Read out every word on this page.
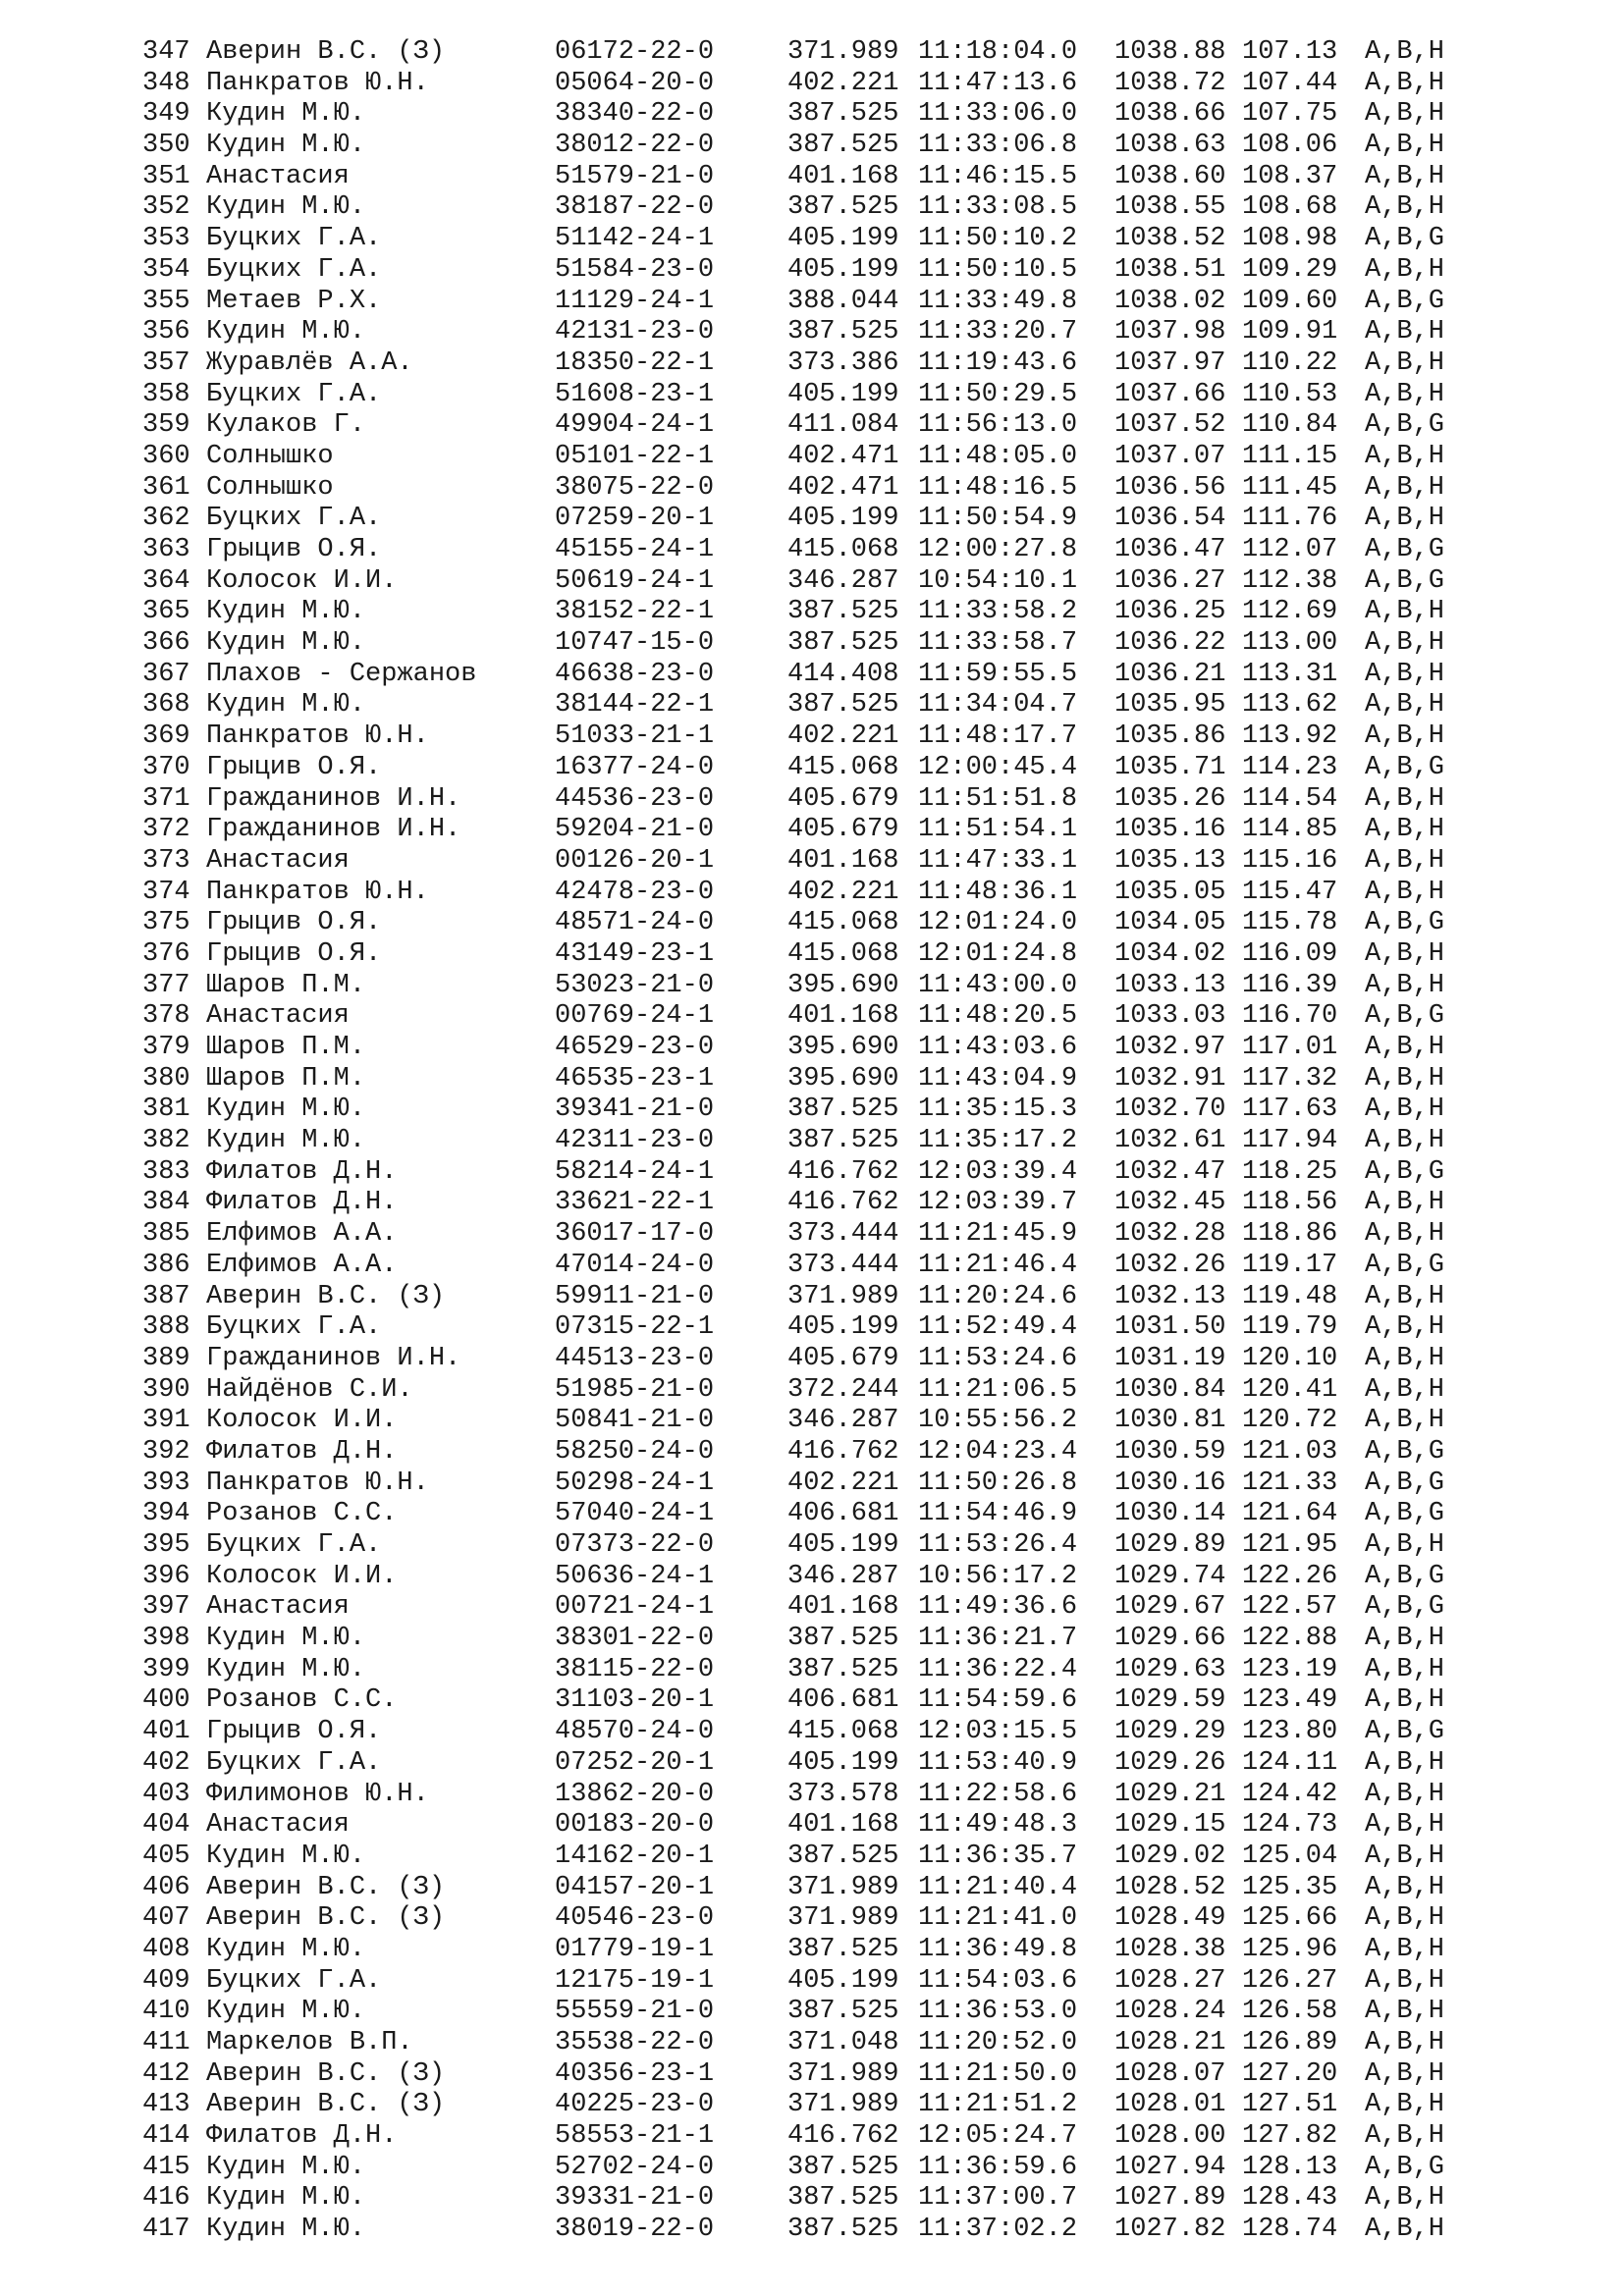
347 Аверин В.С. (З)	06172-22-0	371.989 11:18:04.0 1038.88 107.13 A,B,H
348 Панкратов Ю.Н.	05064-20-0	402.221 11:47:13.6 1038.72 107.44 A,B,H
349 Кудин М.Ю.	38340-22-0	387.525 11:33:06.0 1038.66 107.75 A,B,H
350 Кудин М.Ю.	38012-22-0	387.525 11:33:06.8 1038.63 108.06 A,B,H
351 Анастасия	51579-21-0	401.168 11:46:15.5 1038.60 108.37 A,B,H
352 Кудин М.Ю.	38187-22-0	387.525 11:33:08.5 1038.55 108.68 A,B,H
353 Буцких Г.А.	51142-24-1	405.199 11:50:10.2 1038.52 108.98 A,B,G
354 Буцких Г.А.	51584-23-0	405.199 11:50:10.5 1038.51 109.29 A,B,H
355 Метаев Р.Х.	11129-24-1	388.044 11:33:49.8 1038.02 109.60 A,B,G
356 Кудин М.Ю.	42131-23-0	387.525 11:33:20.7 1037.98 109.91 A,B,H
357 Журавлёв А.А.	18350-22-1	373.386 11:19:43.6 1037.97 110.22 A,B,H
358 Буцких Г.А.	51608-23-1	405.199 11:50:29.5 1037.66 110.53 A,B,H
359 Кулаков Г.	49904-24-1	411.084 11:56:13.0 1037.52 110.84 A,B,G
360 Солнышко	05101-22-1	402.471 11:48:05.0 1037.07 111.15 A,B,H
361 Солнышко	38075-22-0	402.471 11:48:16.5 1036.56 111.45 A,B,H
362 Буцких Г.А.	07259-20-1	405.199 11:50:54.9 1036.54 111.76 A,B,H
363 Грыцив О.Я.	45155-24-1	415.068 12:00:27.8 1036.47 112.07 A,B,G
364 Колосок И.И.	50619-24-1	346.287 10:54:10.1 1036.27 112.38 A,B,G
365 Кудин М.Ю.	38152-22-1	387.525 11:33:58.2 1036.25 112.69 A,B,H
366 Кудин М.Ю.	10747-15-0	387.525 11:33:58.7 1036.22 113.00 A,B,H
367 Плахов - Сержанов	46638-23-0	414.408 11:59:55.5 1036.21 113.31 A,B,H
368 Кудин М.Ю.	38144-22-1	387.525 11:34:04.7 1035.95 113.62 A,B,H
369 Панкратов Ю.Н.	51033-21-1	402.221 11:48:17.7 1035.86 113.92 A,B,H
370 Грыцив О.Я.	16377-24-0	415.068 12:00:45.4 1035.71 114.23 A,B,G
371 Гражданинов И.Н.	44536-23-0	405.679 11:51:51.8 1035.26 114.54 A,B,H
372 Гражданинов И.Н.	59204-21-0	405.679 11:51:54.1 1035.16 114.85 A,B,H
373 Анастасия	00126-20-1	401.168 11:47:33.1 1035.13 115.16 A,B,H
374 Панкратов Ю.Н.	42478-23-0	402.221 11:48:36.1 1035.05 115.47 A,B,H
375 Грыцив О.Я.	48571-24-0	415.068 12:01:24.0 1034.05 115.78 A,B,G
376 Грыцив О.Я.	43149-23-1	415.068 12:01:24.8 1034.02 116.09 A,B,H
377 Шаров П.М.	53023-21-0	395.690 11:43:00.0 1033.13 116.39 A,B,H
378 Анастасия	00769-24-1	401.168 11:48:20.5 1033.03 116.70 A,B,G
379 Шаров П.М.	46529-23-0	395.690 11:43:03.6 1032.97 117.01 A,B,H
380 Шаров П.М.	46535-23-1	395.690 11:43:04.9 1032.91 117.32 A,B,H
381 Кудин М.Ю.	39341-21-0	387.525 11:35:15.3 1032.70 117.63 A,B,H
382 Кудин М.Ю.	42311-23-0	387.525 11:35:17.2 1032.61 117.94 A,B,H
383 Филатов Д.Н.	58214-24-1	416.762 12:03:39.4 1032.47 118.25 A,B,G
384 Филатов Д.Н.	33621-22-1	416.762 12:03:39.7 1032.45 118.56 A,B,H
385 Елфимов А.А.	36017-17-0	373.444 11:21:45.9 1032.28 118.86 A,B,H
386 Елфимов А.А.	47014-24-0	373.444 11:21:46.4 1032.26 119.17 A,B,G
387 Аверин В.С. (З)	59911-21-0	371.989 11:20:24.6 1032.13 119.48 A,B,H
388 Буцких Г.А.	07315-22-1	405.199 11:52:49.4 1031.50 119.79 A,B,H
389 Гражданинов И.Н.	44513-23-0	405.679 11:53:24.6 1031.19 120.10 A,B,H
390 Найдёнов С.И.	51985-21-0	372.244 11:21:06.5 1030.84 120.41 A,B,H
391 Колосок И.И.	50841-21-0	346.287 10:55:56.2 1030.81 120.72 A,B,H
392 Филатов Д.Н.	58250-24-0	416.762 12:04:23.4 1030.59 121.03 A,B,G
393 Панкратов Ю.Н.	50298-24-1	402.221 11:50:26.8 1030.16 121.33 A,B,G
394 Розанов С.С.	57040-24-1	406.681 11:54:46.9 1030.14 121.64 A,B,G
395 Буцких Г.А.	07373-22-0	405.199 11:53:26.4 1029.89 121.95 A,B,H
396 Колосок И.И.	50636-24-1	346.287 10:56:17.2 1029.74 122.26 A,B,G
397 Анастасия	00721-24-1	401.168 11:49:36.6 1029.67 122.57 A,B,G
398 Кудин М.Ю.	38301-22-0	387.525 11:36:21.7 1029.66 122.88 A,B,H
399 Кудин М.Ю.	38115-22-0	387.525 11:36:22.4 1029.63 123.19 A,B,H
400 Розанов С.С.	31103-20-1	406.681 11:54:59.6 1029.59 123.49 A,B,H
401 Грыцив О.Я.	48570-24-0	415.068 12:03:15.5 1029.29 123.80 A,B,G
402 Буцких Г.А.	07252-20-1	405.199 11:53:40.9 1029.26 124.11 A,B,H
403 Филимонов Ю.Н.	13862-20-0	373.578 11:22:58.6 1029.21 124.42 A,B,H
404 Анастасия	00183-20-0	401.168 11:49:48.3 1029.15 124.73 A,B,H
405 Кудин М.Ю.	14162-20-1	387.525 11:36:35.7 1029.02 125.04 A,B,H
406 Аверин В.С. (З)	04157-20-1	371.989 11:21:40.4 1028.52 125.35 A,B,H
407 Аверин В.С. (З)	40546-23-0	371.989 11:21:41.0 1028.49 125.66 A,B,H
408 Кудин М.Ю.	01779-19-1	387.525 11:36:49.8 1028.38 125.96 A,B,H
409 Буцких Г.А.	12175-19-1	405.199 11:54:03.6 1028.27 126.27 A,B,H
410 Кудин М.Ю.	55559-21-0	387.525 11:36:53.0 1028.24 126.58 A,B,H
411 Маркелов В.П.	35538-22-0	371.048 11:20:52.0 1028.21 126.89 A,B,H
412 Аверин В.С. (З)	40356-23-1	371.989 11:21:50.0 1028.07 127.20 A,B,H
413 Аверин В.С. (З)	40225-23-0	371.989 11:21:51.2 1028.01 127.51 A,B,H
414 Филатов Д.Н.	58553-21-1	416.762 12:05:24.7 1028.00 127.82 A,B,H
415 Кудин М.Ю.	52702-24-0	387.525 11:36:59.6 1027.94 128.13 A,B,G
416 Кудин М.Ю.	39331-21-0	387.525 11:37:00.7 1027.89 128.43 A,B,H
417 Кудин М.Ю.	38019-22-0	387.525 11:37:02.2 1027.82 128.74 A,B,H
